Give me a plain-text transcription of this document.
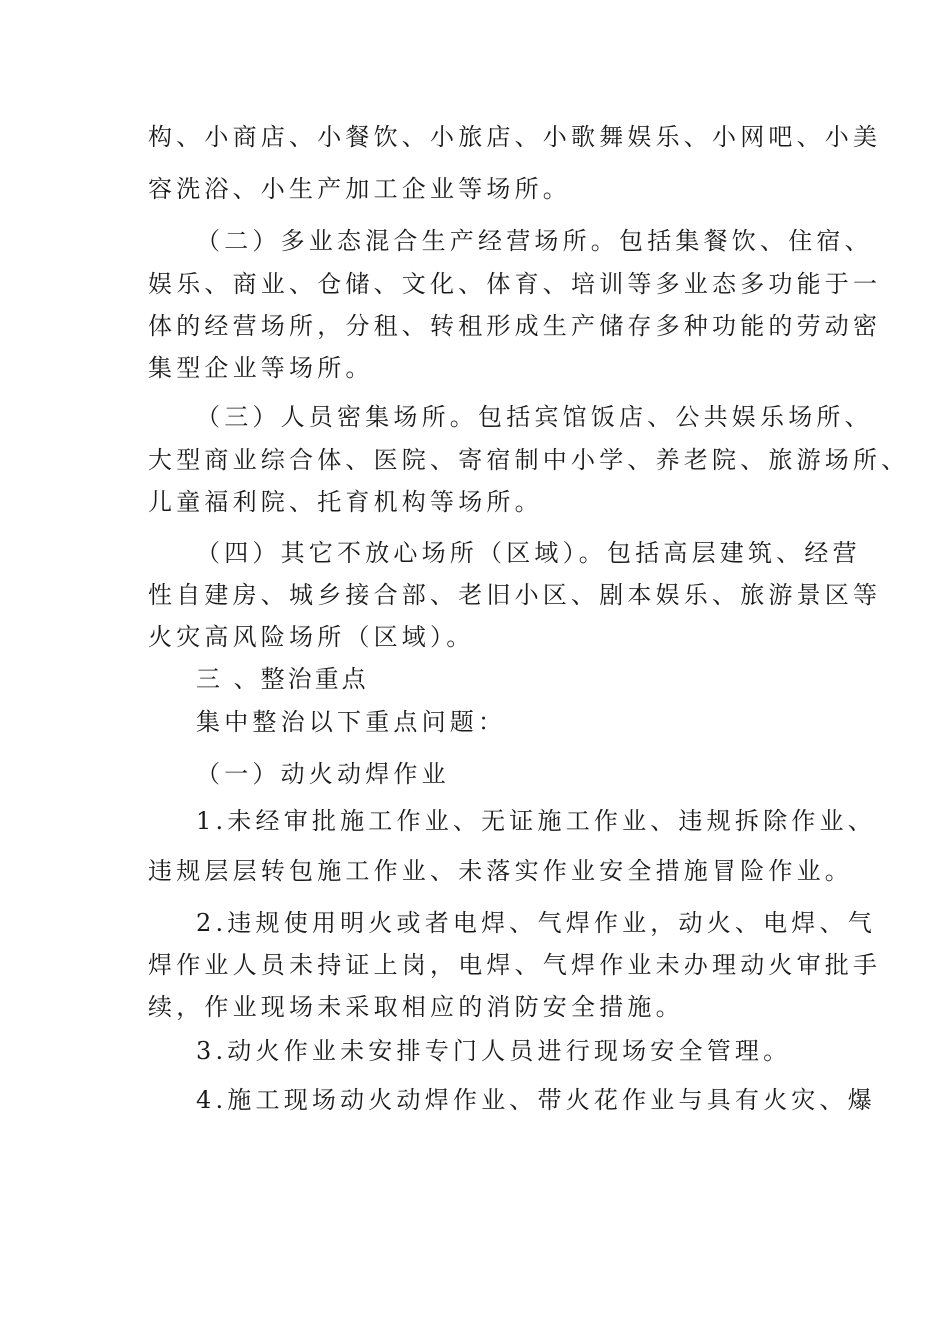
构、小商店、小餐饮、小旅店、小歌舞娱乐、小网吧、小美
容洗浴、小生产加工企业等场所。
（二）多业态混合生产经营场所。包括集餐饮、住宿、
娱乐、商业、仓储、文化、体育、培训等多业态多功能于一
体的经营场所，分租、转租形成生产储存多种功能的劳动密
集型企业等场所。
（三）人员密集场所。包括宾馆饭店、公共娱乐场所、
大型商业综合体、医院、寄宿制中小学、养老院、旅游场所、
儿童福利院、托育机构等场所。
（四）其它不放心场所（区域）。包括高层建筑、经营
性自建房、城乡接合部、老旧小区、剧本娱乐、旅游景区等
火灾高风险场所（区域）。
三 、整治重点
集中整治以下重点问题：
（一）动火动焊作业
1.未经审批施工作业、无证施工作业、违规拆除作业、
违规层层转包施工作业、未落实作业安全措施冒险作业。
2.违规使用明火或者电焊、气焊作业，动火、电焊、气
焊作业人员未持证上岗，电焊、气焊作业未办理动火审批手
续，作业现场未采取相应的消防安全措施。
3.动火作业未安排专门人员进行现场安全管理。
4.施工现场动火动焊作业、带火花作业与具有火灾、爆
